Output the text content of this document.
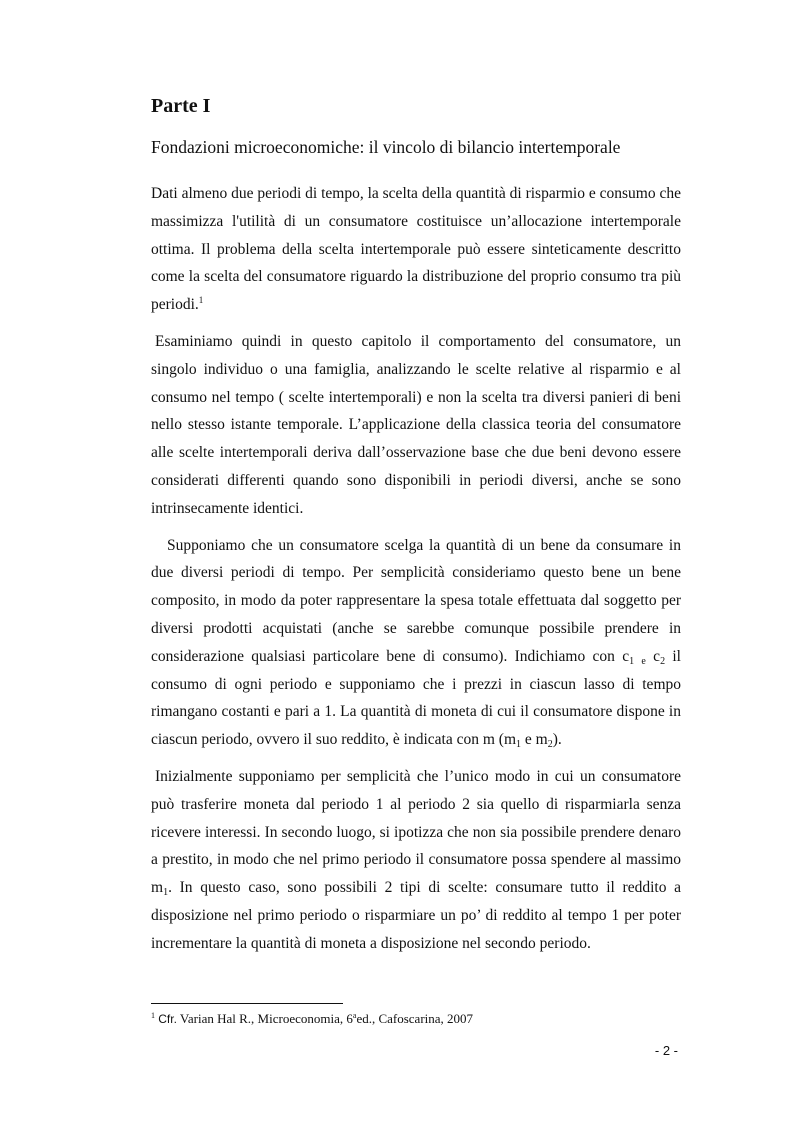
Parte I
Fondazioni microeconomiche: il vincolo di bilancio intertemporale

Dati almeno due periodi di tempo, la scelta della quantità di risparmio e consumo che massimizza l'utilità di un consumatore costituisce un’allocazione intertemporale ottima. Il problema della scelta intertemporale può essere sinteticamente descritto come la scelta del consumatore riguardo la distribuzione del proprio consumo tra più periodi.$^1$

Esaminiamo quindi in questo capitolo il comportamento del consumatore, un singolo individuo o una famiglia, analizzando le scelte relative al risparmio e al consumo nel tempo ( scelte intertemporali) e non la scelta tra diversi panieri di beni nello stesso istante temporale. L’applicazione della classica teoria del consumatore alle scelte intertemporali deriva dall’osservazione base che due beni devono essere considerati differenti quando sono disponibili in periodi diversi, anche se sono intrinsecamente identici.

Supponiamo che un consumatore scelga la quantità di un bene da consumare in due diversi periodi di tempo. Per semplicità consideriamo questo bene un bene composito, in modo da poter rappresentare la spesa totale effettuata dal soggetto per diversi prodotti acquistati (anche se sarebbe comunque possibile prendere in considerazione qualsiasi particolare bene di consumo). Indichiamo con $c_1$ $_e$ $c_2$ il consumo di ogni periodo e supponiamo che i prezzi in ciascun lasso di tempo rimangano costanti e pari a 1. La quantità di moneta di cui il consumatore dispone in ciascun periodo, ovvero il suo reddito, è indicata con m ($m_1$ e $m_2$).

Inizialmente supponiamo per semplicità che l’unico modo in cui un consumatore può trasferire moneta dal periodo 1 al periodo 2 sia quello di risparmiarla senza ricevere interessi. In secondo luogo, si ipotizza che non sia possibile prendere denaro a prestito, in modo che nel primo periodo il consumatore possa spendere al massimo $m_1$. In questo caso, sono possibili 2 tipi di scelte: consumare tutto il reddito a disposizione nel primo periodo o risparmiare un po’ di reddito al tempo 1 per poter incrementare la quantità di moneta a disposizione nel secondo periodo.

$^1$ Cfr. Varian Hal R., Microeconomia, 6$^a$ed., Cafoscarina, 2007
- 2 -
